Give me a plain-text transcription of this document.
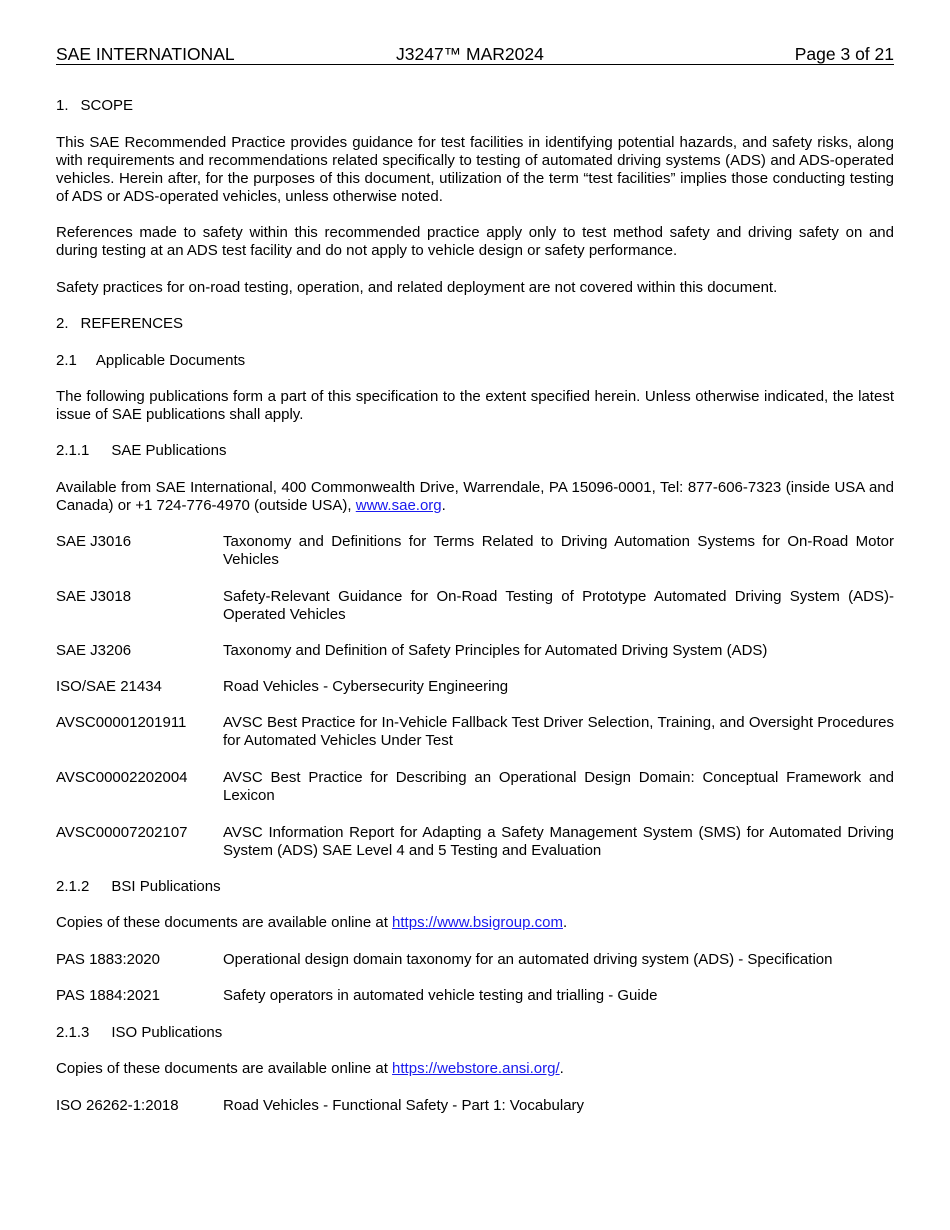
SAE INTERNATIONAL	J3247™ MAR2024	Page 3 of 21
1. SCOPE
This SAE Recommended Practice provides guidance for test facilities in identifying potential hazards, and safety risks, along with requirements and recommendations related specifically to testing of automated driving systems (ADS) and ADS-operated vehicles. Herein after, for the purposes of this document, utilization of the term “test facilities” implies those conducting testing of ADS or ADS-operated vehicles, unless otherwise noted.
References made to safety within this recommended practice apply only to test method safety and driving safety on and during testing at an ADS test facility and do not apply to vehicle design or safety performance.
Safety practices for on-road testing, operation, and related deployment are not covered within this document.
2. REFERENCES
2.1 Applicable Documents
The following publications form a part of this specification to the extent specified herein. Unless otherwise indicated, the latest issue of SAE publications shall apply.
2.1.1 SAE Publications
Available from SAE International, 400 Commonwealth Drive, Warrendale, PA 15096-0001, Tel: 877-606-7323 (inside USA and Canada) or +1 724-776-4970 (outside USA), www.sae.org.
SAE J3016	Taxonomy and Definitions for Terms Related to Driving Automation Systems for On-Road Motor Vehicles
SAE J3018	Safety-Relevant Guidance for On-Road Testing of Prototype Automated Driving System (ADS)-Operated Vehicles
SAE J3206	Taxonomy and Definition of Safety Principles for Automated Driving System (ADS)
ISO/SAE 21434	Road Vehicles - Cybersecurity Engineering
AVSC00001201911 AVSC Best Practice for In-Vehicle Fallback Test Driver Selection, Training, and Oversight Procedures for Automated Vehicles Under Test
AVSC00002202004 AVSC Best Practice for Describing an Operational Design Domain: Conceptual Framework and Lexicon
AVSC00007202107 AVSC Information Report for Adapting a Safety Management System (SMS) for Automated Driving System (ADS) SAE Level 4 and 5 Testing and Evaluation
2.1.2 BSI Publications
Copies of these documents are available online at https://www.bsigroup.com.
PAS 1883:2020	Operational design domain taxonomy for an automated driving system (ADS) - Specification
PAS 1884:2021	Safety operators in automated vehicle testing and trialling - Guide
2.1.3 ISO Publications
Copies of these documents are available online at https://webstore.ansi.org/.
ISO 26262-1:2018	Road Vehicles - Functional Safety - Part 1: Vocabulary
